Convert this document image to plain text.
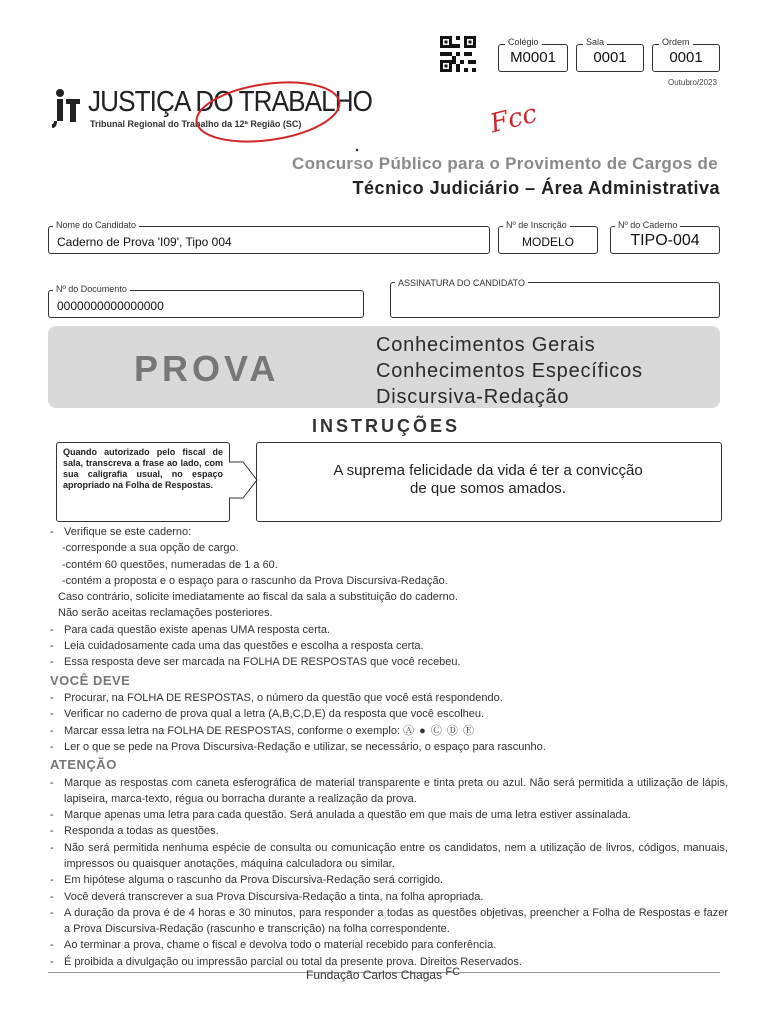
Colégio
M0001
Sala
0001
Ordem
0001
Outubro/2023
JUSTIÇA DO TRABALHO
Tribunal Regional do Trabalho da 12ª Região (SC)	Fcc
Concurso Público para o Provimento de Cargos de
Técnico Judiciário – Área Administrativa
Nome do Candidato
Caderno de Prova 'I09', Tipo 004
Nº de Inscrição
MODELO
Nº do Caderno
TIPO-004
Nº do Documento
0000000000000000
ASSINATURA DO CANDIDATO
PROVA
Conhecimentos Gerais
Conhecimentos Específicos
Discursiva-Redação
INSTRUÇÕES
Quando autorizado pelo fiscal de sala, transcreva a frase ao lado, com sua caligrafia usual, no espaço apropriado na Folha de Respostas.
A suprema felicidade da vida é ter a convicção
de que somos amados.
- Verifique se este caderno:
-corresponde a sua opção de cargo.
-contém 60 questões, numeradas de 1 a 60.
-contém a proposta e o espaço para o rascunho da Prova Discursiva-Redação.
Caso contrário, solicite imediatamente ao fiscal da sala a substituição do caderno.
Não serão aceitas reclamações posteriores.
- Para cada questão existe apenas UMA resposta certa.
- Leia cuidadosamente cada uma das questões e escolha a resposta certa.
- Essa resposta deve ser marcada na FOLHA DE RESPOSTAS que você recebeu.
VOCÊ DEVE
- Procurar, na FOLHA DE RESPOSTAS, o número da questão que você está respondendo.
- Verificar no caderno de prova qual a letra (A,B,C,D,E) da resposta que você escolheu.
- Marcar essa letra na FOLHA DE RESPOSTAS, conforme o exemplo: Ⓐ ● Ⓒ Ⓓ Ⓔ
- Ler o que se pede na Prova Discursiva-Redação e utilizar, se necessário, o espaço para rascunho.
ATENÇÃO
- Marque as respostas com caneta esferográfica de material transparente e tinta preta ou azul. Não será permitida a utilização de lápis, lapiseira, marca-texto, régua ou borracha durante a realização da prova.
- Marque apenas uma letra para cada questão. Será anulada a questão em que mais de uma letra estiver assinalada.
- Responda a todas as questões.
- Não será permitida nenhuma espécie de consulta ou comunicação entre os candidatos, nem a utilização de livros, códigos, manuais, impressos ou quaisquer anotações, máquina calculadora ou similar.
- Em hipótese alguma o rascunho da Prova Discursiva-Redação será corrigido.
- Você deverá transcrever a sua Prova Discursiva-Redação a tinta, na folha apropriada.
- A duração da prova é de 4 horas e 30 minutos, para responder a todas as questões objetivas, preencher a Folha de Respostas e fazer a Prova Discursiva-Redação (rascunho e transcrição) na folha correspondente.
- Ao terminar a prova, chame o fiscal e devolva todo o material recebido para conferência.
- É proibida a divulgação ou impressão parcial ou total da presente prova. Direitos Reservados.
Fundação Carlos Chagas FC
